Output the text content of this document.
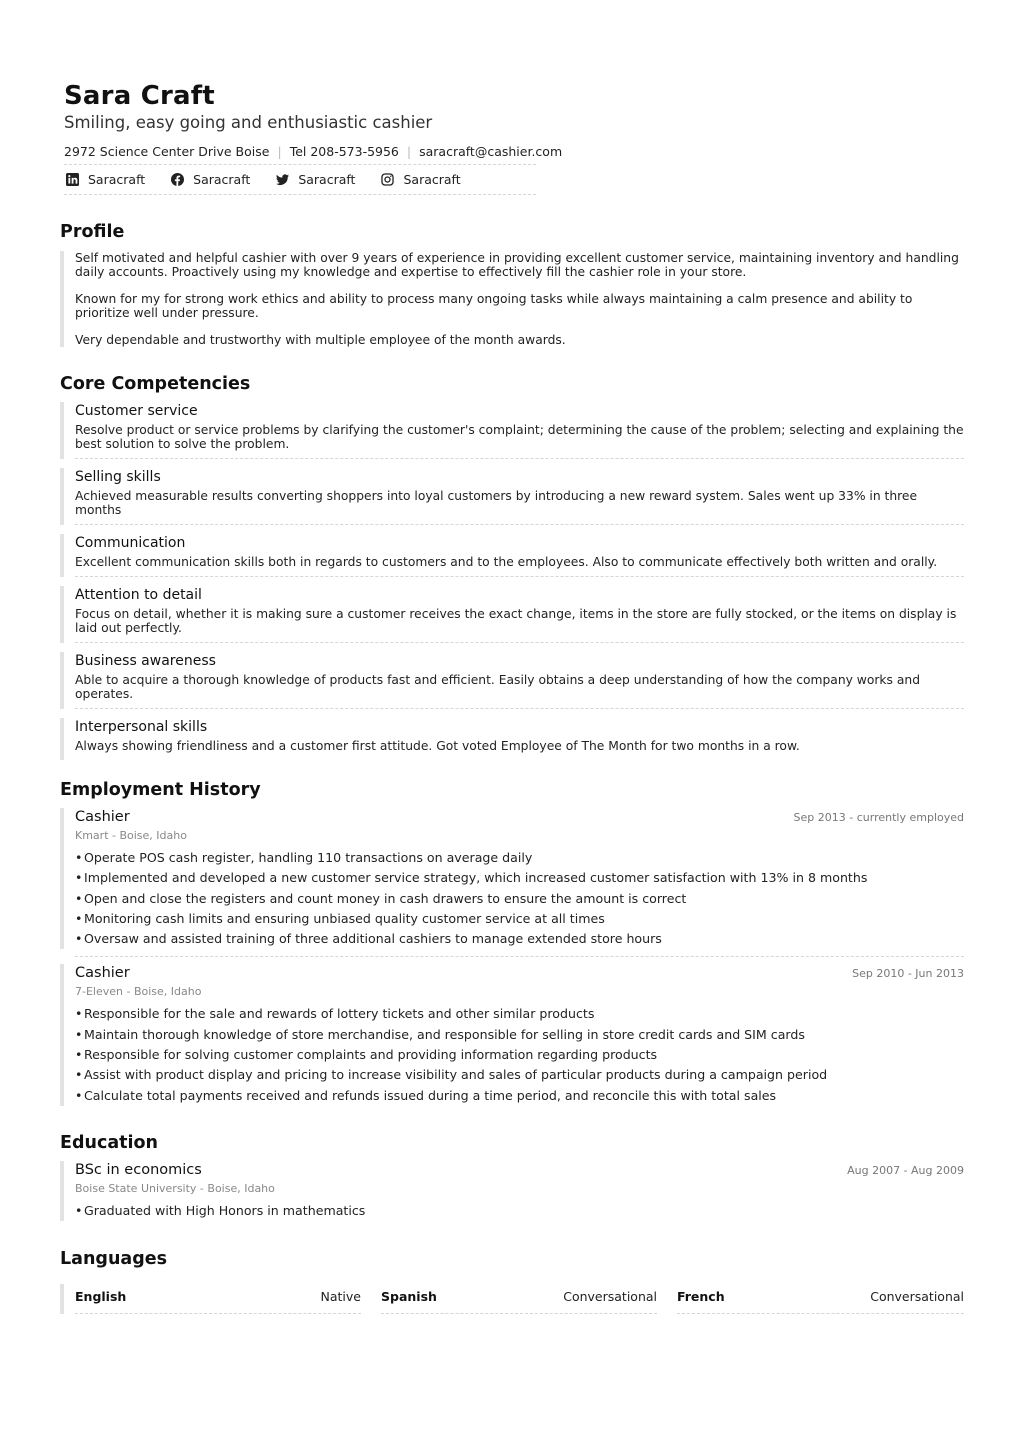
Sara Craft
Smiling, easy going and enthusiastic cashier
2972 Science Center Drive Boise | Tel 208-573-5956 | saracraft@cashier.com
Saracraft	Saracraft	Saracraft	Saracraft
Profile

Self motivated and helpful cashier with over 9 years of experience in providing excellent customer service, maintaining inventory and handling daily accounts. Proactively using my knowledge and expertise to effectively fill the cashier role in your store.

Known for my for strong work ethics and ability to process many ongoing tasks while always maintaining a calm presence and ability to prioritize well under pressure.

Very dependable and trustworthy with multiple employee of the month awards.

Core Competencies
Customer service
Resolve product or service problems by clarifying the customer's complaint; determining the cause of the problem; selecting and explaining the best solution to solve the problem.
Selling skills
Achieved measurable results converting shoppers into loyal customers by introducing a new reward system. Sales went up 33% in three months
Communication
Excellent communication skills both in regards to customers and to the employees. Also to communicate effectively both written and orally.
Attention to detail
Focus on detail, whether it is making sure a customer receives the exact change, items in the store are fully stocked, or the items on display is laid out perfectly.
Business awareness
Able to acquire a thorough knowledge of products fast and efficient. Easily obtains a deep understanding of how the company works and operates.
Interpersonal skills
Always showing friendliness and a customer first attitude. Got voted Employee of The Month for two months in a row.
Employment History
Cashier	Sep 2013 - currently employed
Kmart - Boise, Idaho
• Operate POS cash register, handling 110 transactions on average daily
• Implemented and developed a new customer service strategy, which increased customer satisfaction with 13% in 8 months
• Open and close the registers and count money in cash drawers to ensure the amount is correct
• Monitoring cash limits and ensuring unbiased quality customer service at all times
• Oversaw and assisted training of three additional cashiers to manage extended store hours
Cashier	Sep 2010 - Jun 2013
7-Eleven - Boise, Idaho
• Responsible for the sale and rewards of lottery tickets and other similar products
• Maintain thorough knowledge of store merchandise, and responsible for selling in store credit cards and SIM cards
• Responsible for solving customer complaints and providing information regarding products
• Assist with product display and pricing to increase visibility and sales of particular products during a campaign period
• Calculate total payments received and refunds issued during a time period, and reconcile this with total sales
Education
BSc in economics	Aug 2007 - Aug 2009
Boise State University - Boise, Idaho
• Graduated with High Honors in mathematics
Languages
English	Native Spanish	Conversational French	Conversational
